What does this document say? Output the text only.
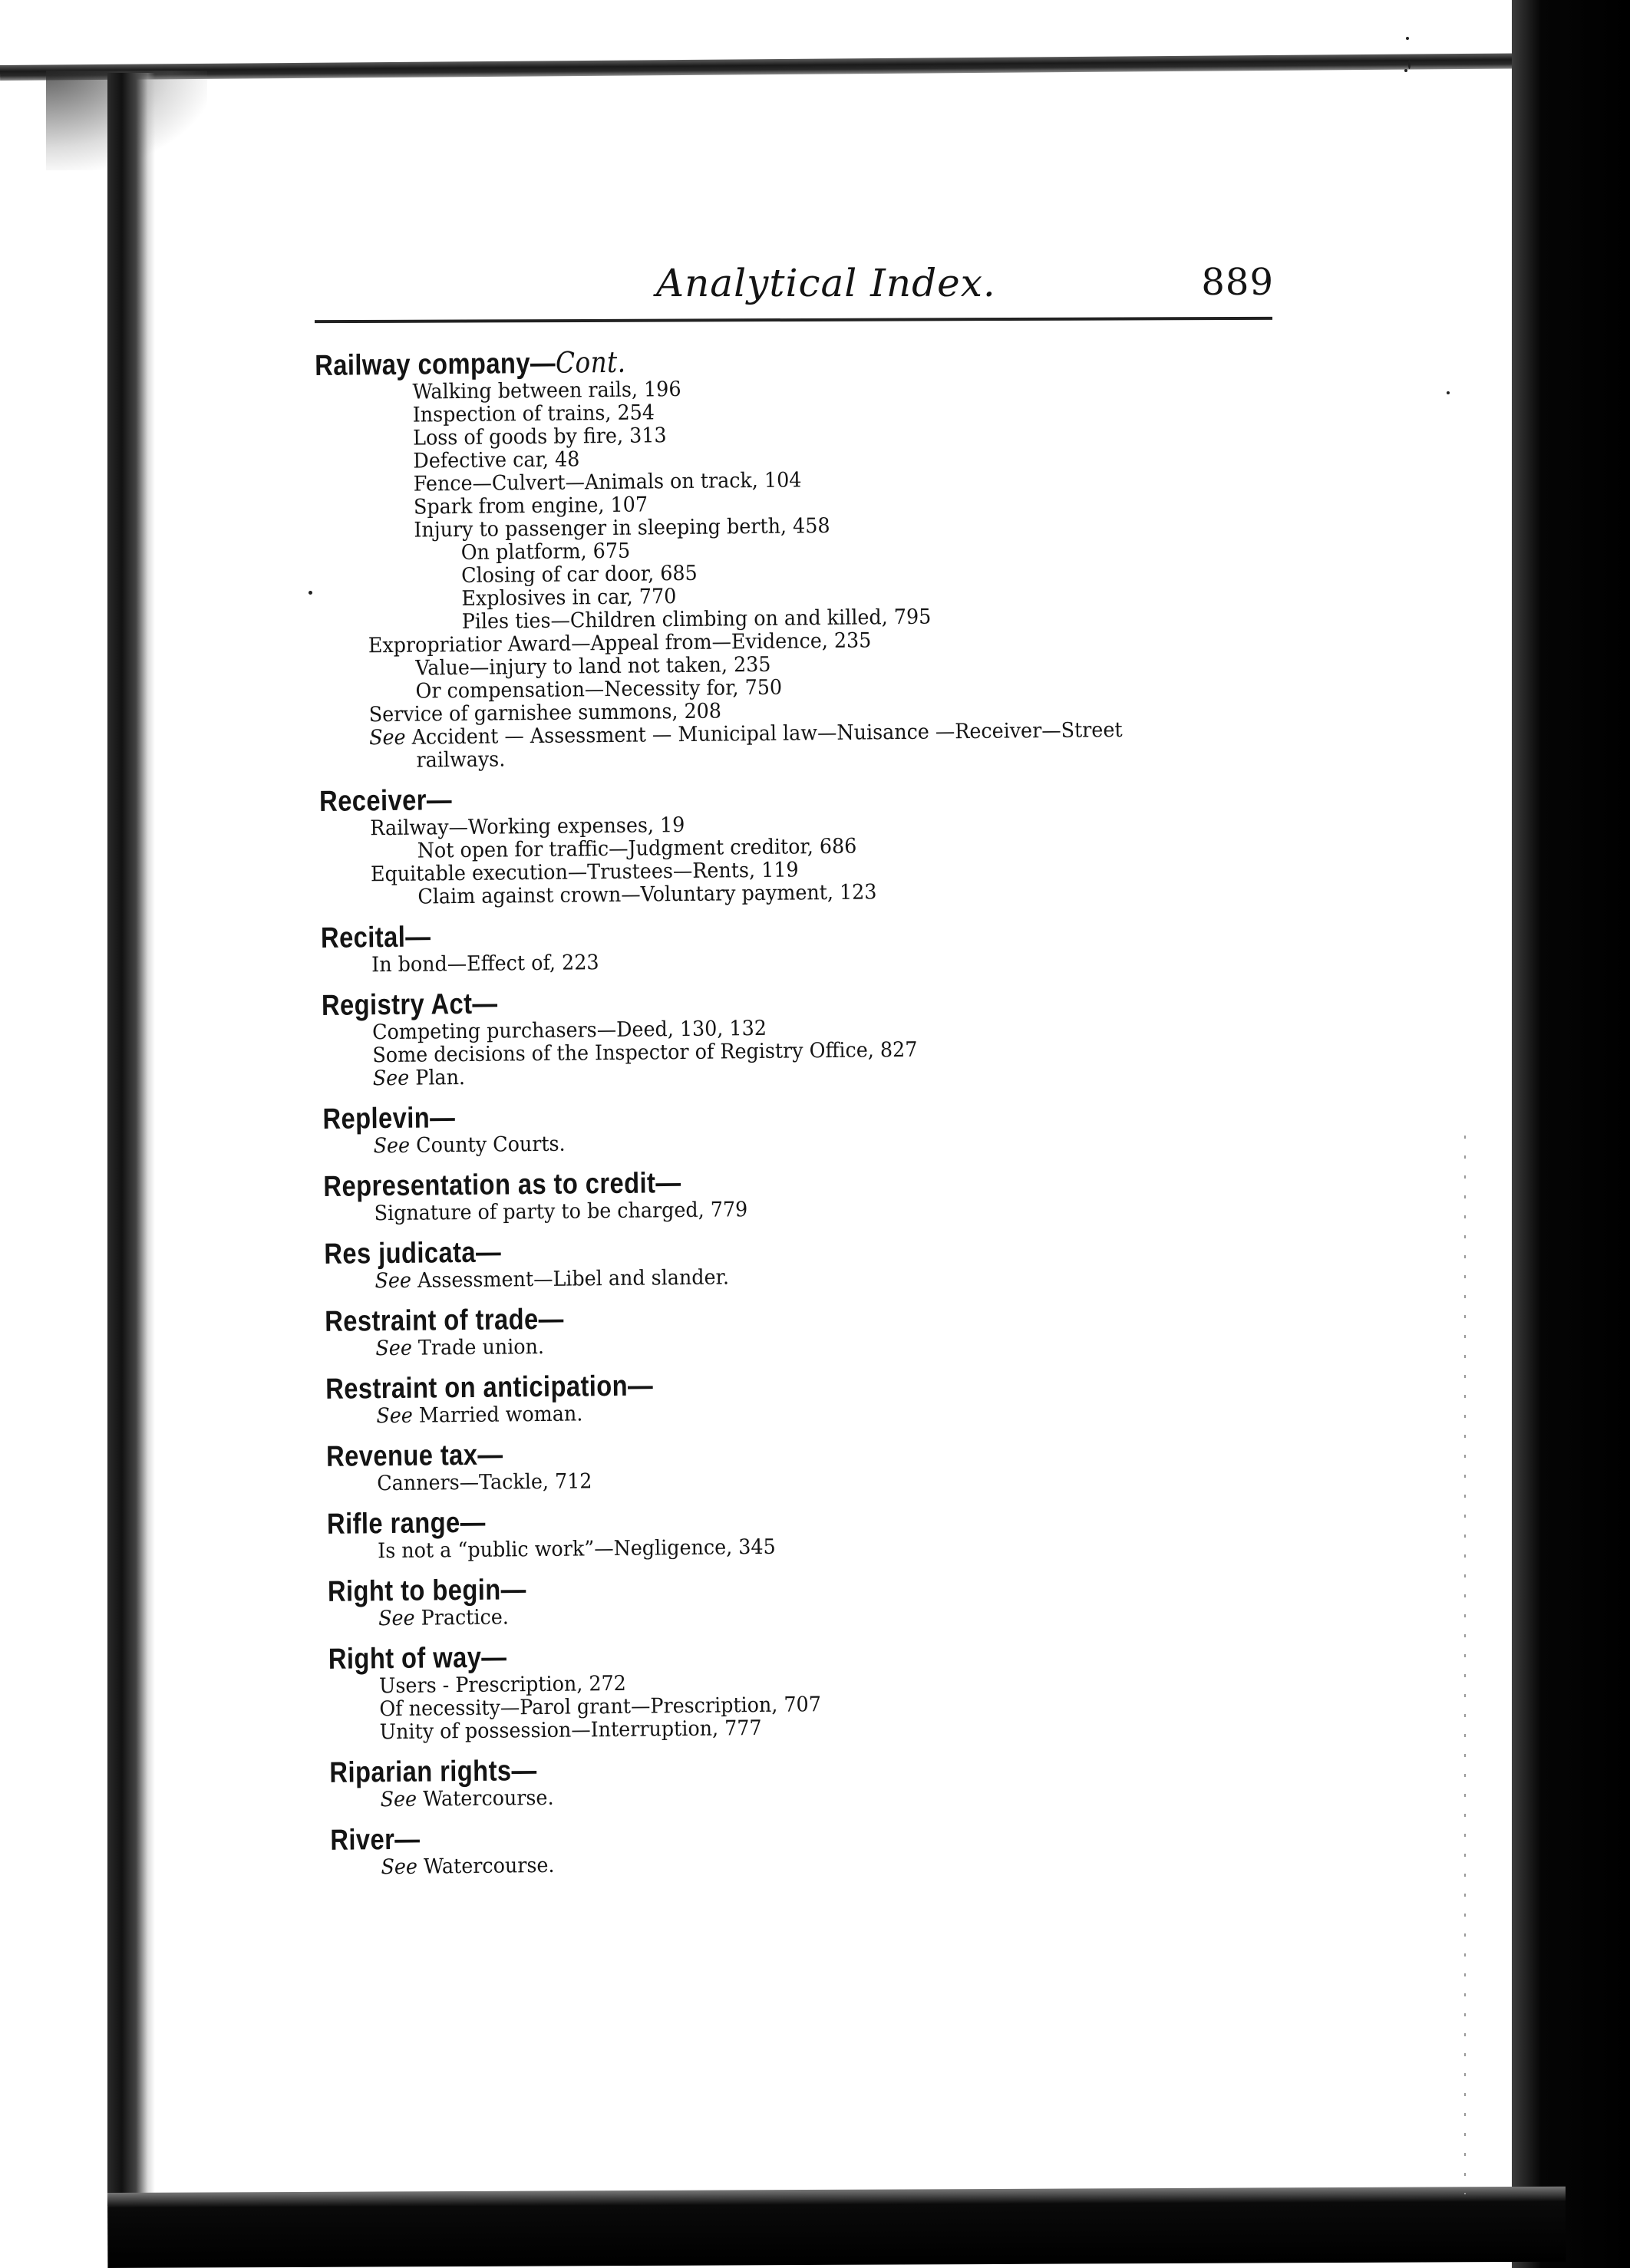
Analytical Index.	889
Railway company—Cont.
Walking between rails, 196
Inspection of trains, 254
Loss of goods by fire, 313
Defective car, 48
Fence—Culvert—Animals on track, 104
Spark from engine, 107
Injury to passenger in sleeping berth, 458
On platform, 675
Closing of car door, 685
Explosives in car, 770
Piles ties—Children climbing on and killed, 795
Expropriatior Award—Appeal from—Evidence, 235
Value—injury to land not taken, 235
Or compensation—Necessity for, 750
Service of garnishee summons, 208
See Accident — Assessment — Municipal law—Nuisance —Receiver—Street
railways.
Receiver—
Railway—Working expenses, 19
Not open for traffic—Judgment creditor, 686
Equitable execution—Trustees—Rents, 119
Claim against crown—Voluntary payment, 123
Recital—
In bond—Effect of, 223
Registry Act—
Competing purchasers—Deed, 130, 132
Some decisions of the Inspector of Registry Office, 827
See Plan.
Replevin—
See County Courts.
Representation as to credit—
Signature of party to be charged, 779
Res judicata—
See Assessment—Libel and slander.
Restraint of trade—
See Trade union.
Restraint on anticipation—
See Married woman.
Revenue tax—
Canners—Tackle, 712
Rifle range—
Is not a “public work”—Negligence, 345
Right to begin—
See Practice.
Right of way—
Users - Prescription, 272
Of necessity—Parol grant—Prescription, 707
Unity of possession—Interruption, 777
Riparian rights—
See Watercourse.
River—
See Watercourse.
